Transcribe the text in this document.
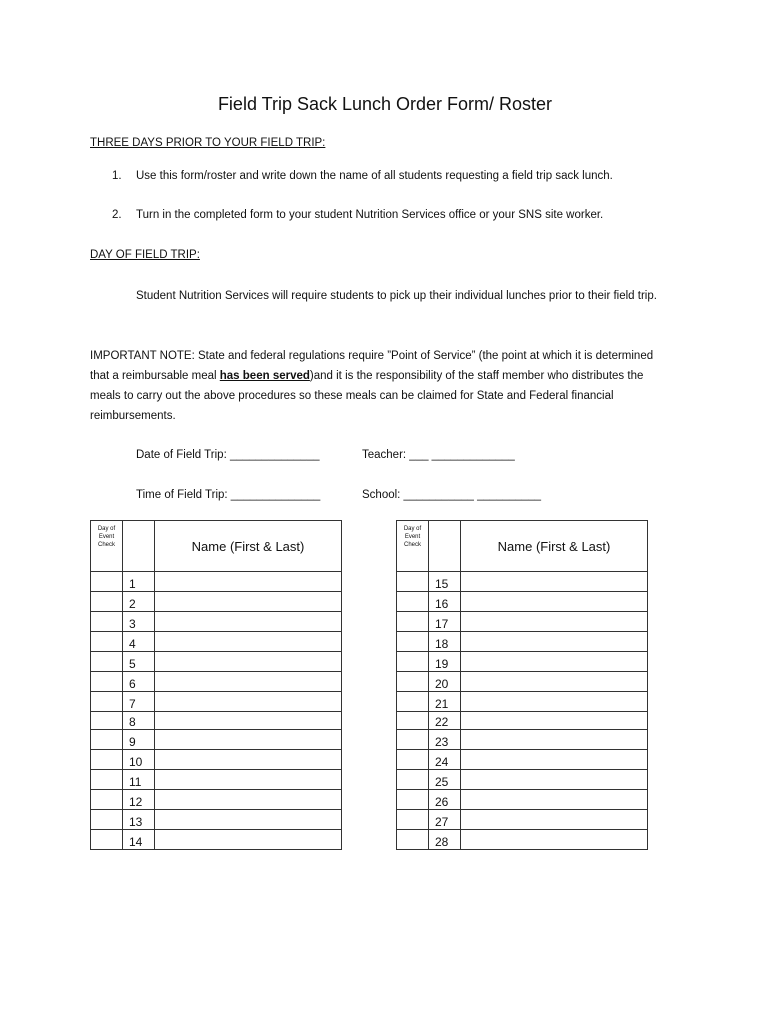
Field Trip Sack Lunch Order Form/ Roster
THREE DAYS PRIOR TO YOUR FIELD TRIP:
1. Use this form/roster and write down the name of all students requesting a field trip sack lunch.
2. Turn in the completed form to your student Nutrition Services office or your SNS site worker.
DAY OF FIELD TRIP:
Student Nutrition Services will require students to pick up their individual lunches prior to their field trip.
IMPORTANT NOTE: State and federal regulations require ”Point of Service” (the point at which it is determined that a reimbursable meal has been served)and it is the responsibility of the staff member who distributes the meals to carry out the above procedures so these meals can be claimed for State and Federal financial reimbursements.
Date of Field Trip: ______________	Teacher: ___ _____________
Time of Field Trip: ______________	School: ___________ __________
Day of Event Check		Name (First & Last)
	1	
	2	
	3	
	4	
	5	
	6	
	7	
	8	
	9	
	10	
	11	
	12	
	13	
	14	
Day of Event Check		Name (First & Last)
	15	
	16	
	17	
	18	
	19	
	20	
	21	
	22	
	23	
	24	
	25	
	26	
	27	
	28	
